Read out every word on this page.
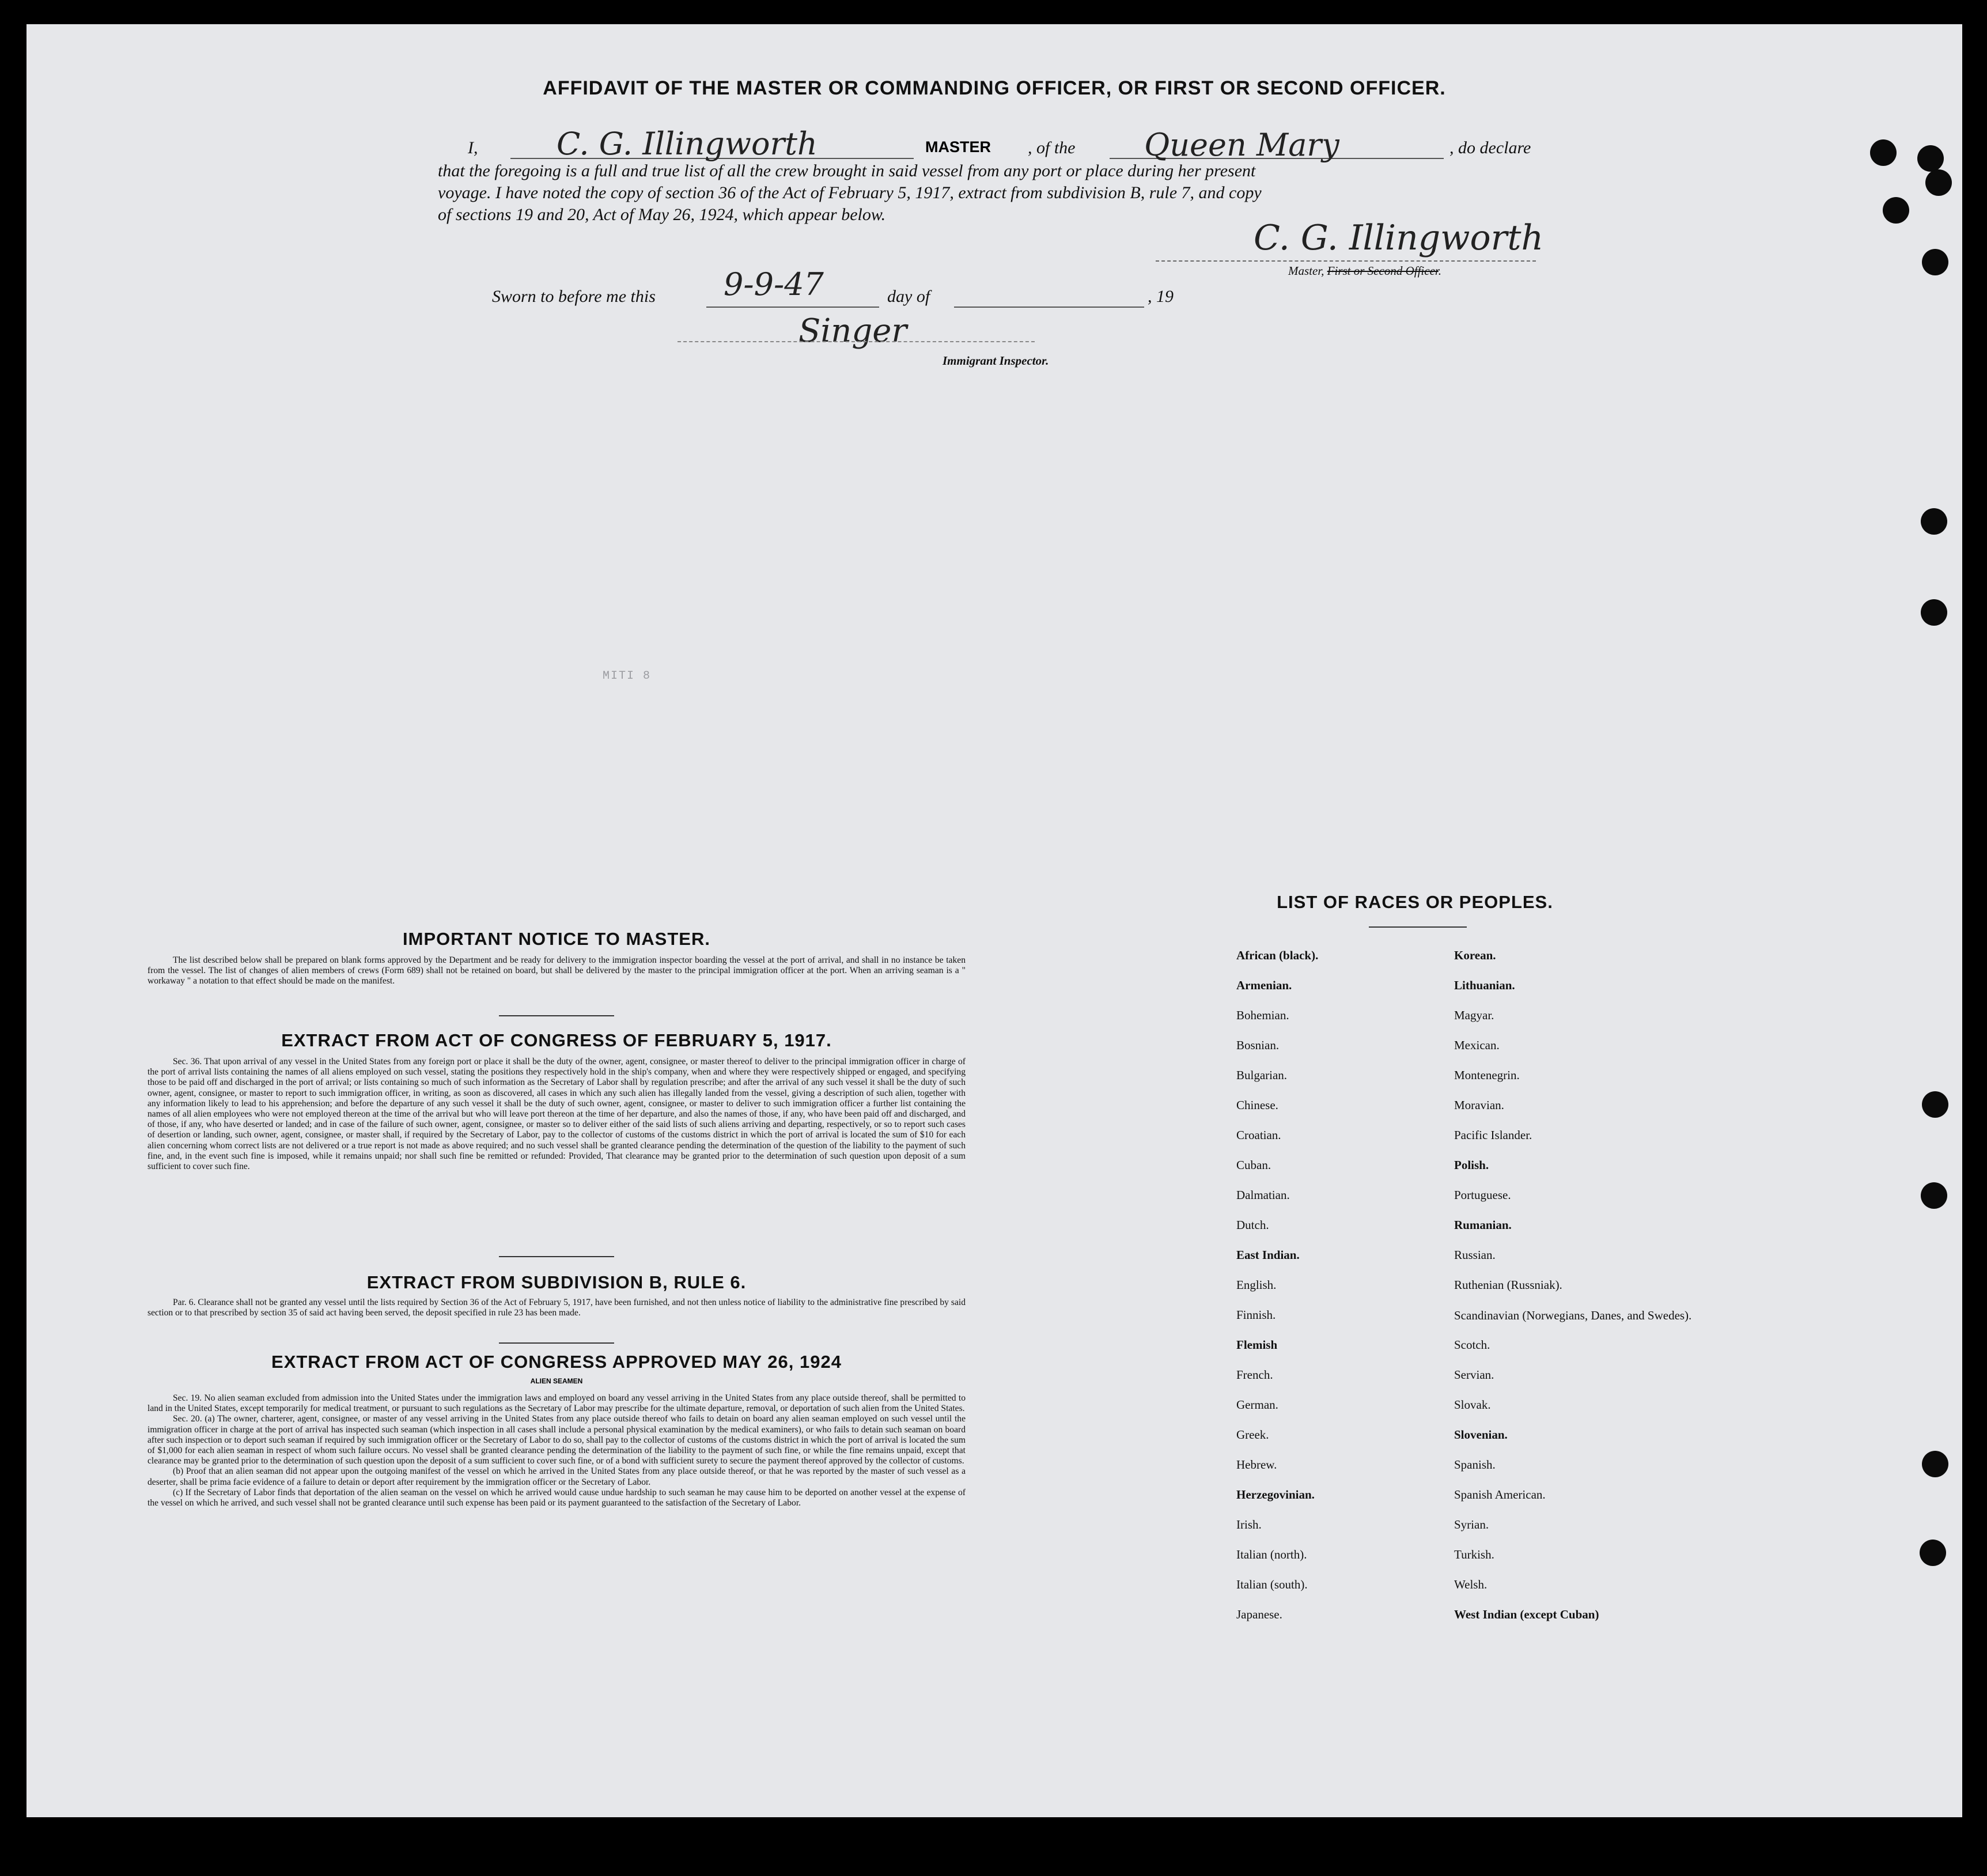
AFFIDAVIT OF THE MASTER OR COMMANDING OFFICER, OR FIRST OR SECOND OFFICER.
I,	C. G. Illingworth	MASTER , of the Queen Mary	, do declare
that the foregoing is a full and true list of all the crew brought in said vessel from any port or place during her present
voyage. I have noted the copy of section 36 of the Act of February 5, 1917, extract from subdivision B, rule 7, and copy
of sections 19 and 20, Act of May 26, 1924, which appear below.
C. G. Illingworth
Master, First or Second Officer.
Sworn to before me this 9-9-47	day of	, 19
Singer
Immigrant Inspector.
MITI 8
IMPORTANT NOTICE TO MASTER.

The list described below shall be prepared on blank forms approved by the Department and be ready for delivery to the immigration inspector boarding the vessel at the port of arrival, and shall in no instance be taken from the vessel. The list of changes of alien members of crews (Form 689) shall not be retained on board, but shall be delivered by the master to the principal immigration officer at the port. When an arriving seaman is a " workaway " a notation to that effect should be made on the manifest.

EXTRACT FROM ACT OF CONGRESS OF FEBRUARY 5, 1917.

Sec. 36. That upon arrival of any vessel in the United States from any foreign port or place it shall be the duty of the owner, agent, consignee, or master thereof to deliver to the principal immigration officer in charge of the port of arrival lists containing the names of all aliens employed on such vessel, stating the positions they respectively hold in the ship's company, when and where they were respectively shipped or engaged, and specifying those to be paid off and discharged in the port of arrival; or lists containing so much of such information as the Secretary of Labor shall by regulation prescribe; and after the arrival of any such vessel it shall be the duty of such owner, agent, consignee, or master to report to such immigration officer, in writing, as soon as discovered, all cases in which any such alien has illegally landed from the vessel, giving a description of such alien, together with any information likely to lead to his apprehension; and before the departure of any such vessel it shall be the duty of such owner, agent, consignee, or master to deliver to such immigration officer a further list containing the names of all alien employees who were not employed thereon at the time of the arrival but who will leave port thereon at the time of her departure, and also the names of those, if any, who have been paid off and discharged, and of those, if any, who have deserted or landed; and in case of the failure of such owner, agent, consignee, or master so to deliver either of the said lists of such aliens arriving and departing, respectively, or so to report such cases of desertion or landing, such owner, agent, consignee, or master shall, if required by the Secretary of Labor, pay to the collector of customs of the customs district in which the port of arrival is located the sum of $10 for each alien concerning whom correct lists are not delivered or a true report is not made as above required; and no such vessel shall be granted clearance pending the determination of the question of the liability to the payment of such fine, and, in the event such fine is imposed, while it remains unpaid; nor shall such fine be remitted or refunded: Provided, That clearance may be granted prior to the determination of such question upon deposit of a sum sufficient to cover such fine.

EXTRACT FROM SUBDIVISION B, RULE 6.

Par. 6. Clearance shall not be granted any vessel until the lists required by Section 36 of the Act of February 5, 1917, have been furnished, and not then unless notice of liability to the administrative fine prescribed by said section or to that prescribed by section 35 of said act having been served, the deposit specified in rule 23 has been made.

EXTRACT FROM ACT OF CONGRESS APPROVED MAY 26, 1924
ALIEN SEAMEN

Sec. 19. No alien seaman excluded from admission into the United States under the immigration laws and employed on board any vessel arriving in the United States from any place outside thereof, shall be permitted to land in the United States, except temporarily for medical treatment, or pursuant to such regulations as the Secretary of Labor may prescribe for the ultimate departure, removal, or deportation of such alien from the United States.

Sec. 20. (a) The owner, charterer, agent, consignee, or master of any vessel arriving in the United States from any place outside thereof who fails to detain on board any alien seaman employed on such vessel until the immigration officer in charge at the port of arrival has inspected such seaman (which inspection in all cases shall include a personal physical examination by the medical examiners), or who fails to detain such seaman on board after such inspection or to deport such seaman if required by such immigration officer or the Secretary of Labor to do so, shall pay to the collector of customs of the customs district in which the port of arrival is located the sum of $1,000 for each alien seaman in respect of whom such failure occurs. No vessel shall be granted clearance pending the determination of the liability to the payment of such fine, or while the fine remains unpaid, except that clearance may be granted prior to the determination of such question upon the deposit of a sum sufficient to cover such fine, or of a bond with sufficient surety to secure the payment thereof approved by the collector of customs.

(b) Proof that an alien seaman did not appear upon the outgoing manifest of the vessel on which he arrived in the United States from any place outside thereof, or that he was reported by the master of such vessel as a deserter, shall be prima facie evidence of a failure to detain or deport after requirement by the immigration officer or the Secretary of Labor.

(c) If the Secretary of Labor finds that deportation of the alien seaman on the vessel on which he arrived would cause undue hardship to such seaman he may cause him to be deported on another vessel at the expense of the vessel on which he arrived, and such vessel shall not be granted clearance until such expense has been paid or its payment guaranteed to the satisfaction of the Secretary of Labor.

LIST OF RACES OR PEOPLES.
African (black).
Armenian.
Bohemian.
Bosnian.
Bulgarian.
Chinese.
Croatian.
Cuban.
Dalmatian.
Dutch.
East Indian.
English.
Finnish.
Flemish
French.
German.
Greek.
Hebrew.
Herzegovinian.
Irish.
Italian (north).
Italian (south).
Japanese.
Korean.
Lithuanian.
Magyar.
Mexican.
Montenegrin.
Moravian.
Pacific Islander.
Polish.
Portuguese.
Rumanian.
Russian.
Ruthenian (Russniak).
Scandinavian (Norwegians, Danes, and Swedes).
Scotch.
Servian.
Slovak.
Slovenian.
Spanish.
Spanish American.
Syrian.
Turkish.
Welsh.
West Indian (except Cuban)
